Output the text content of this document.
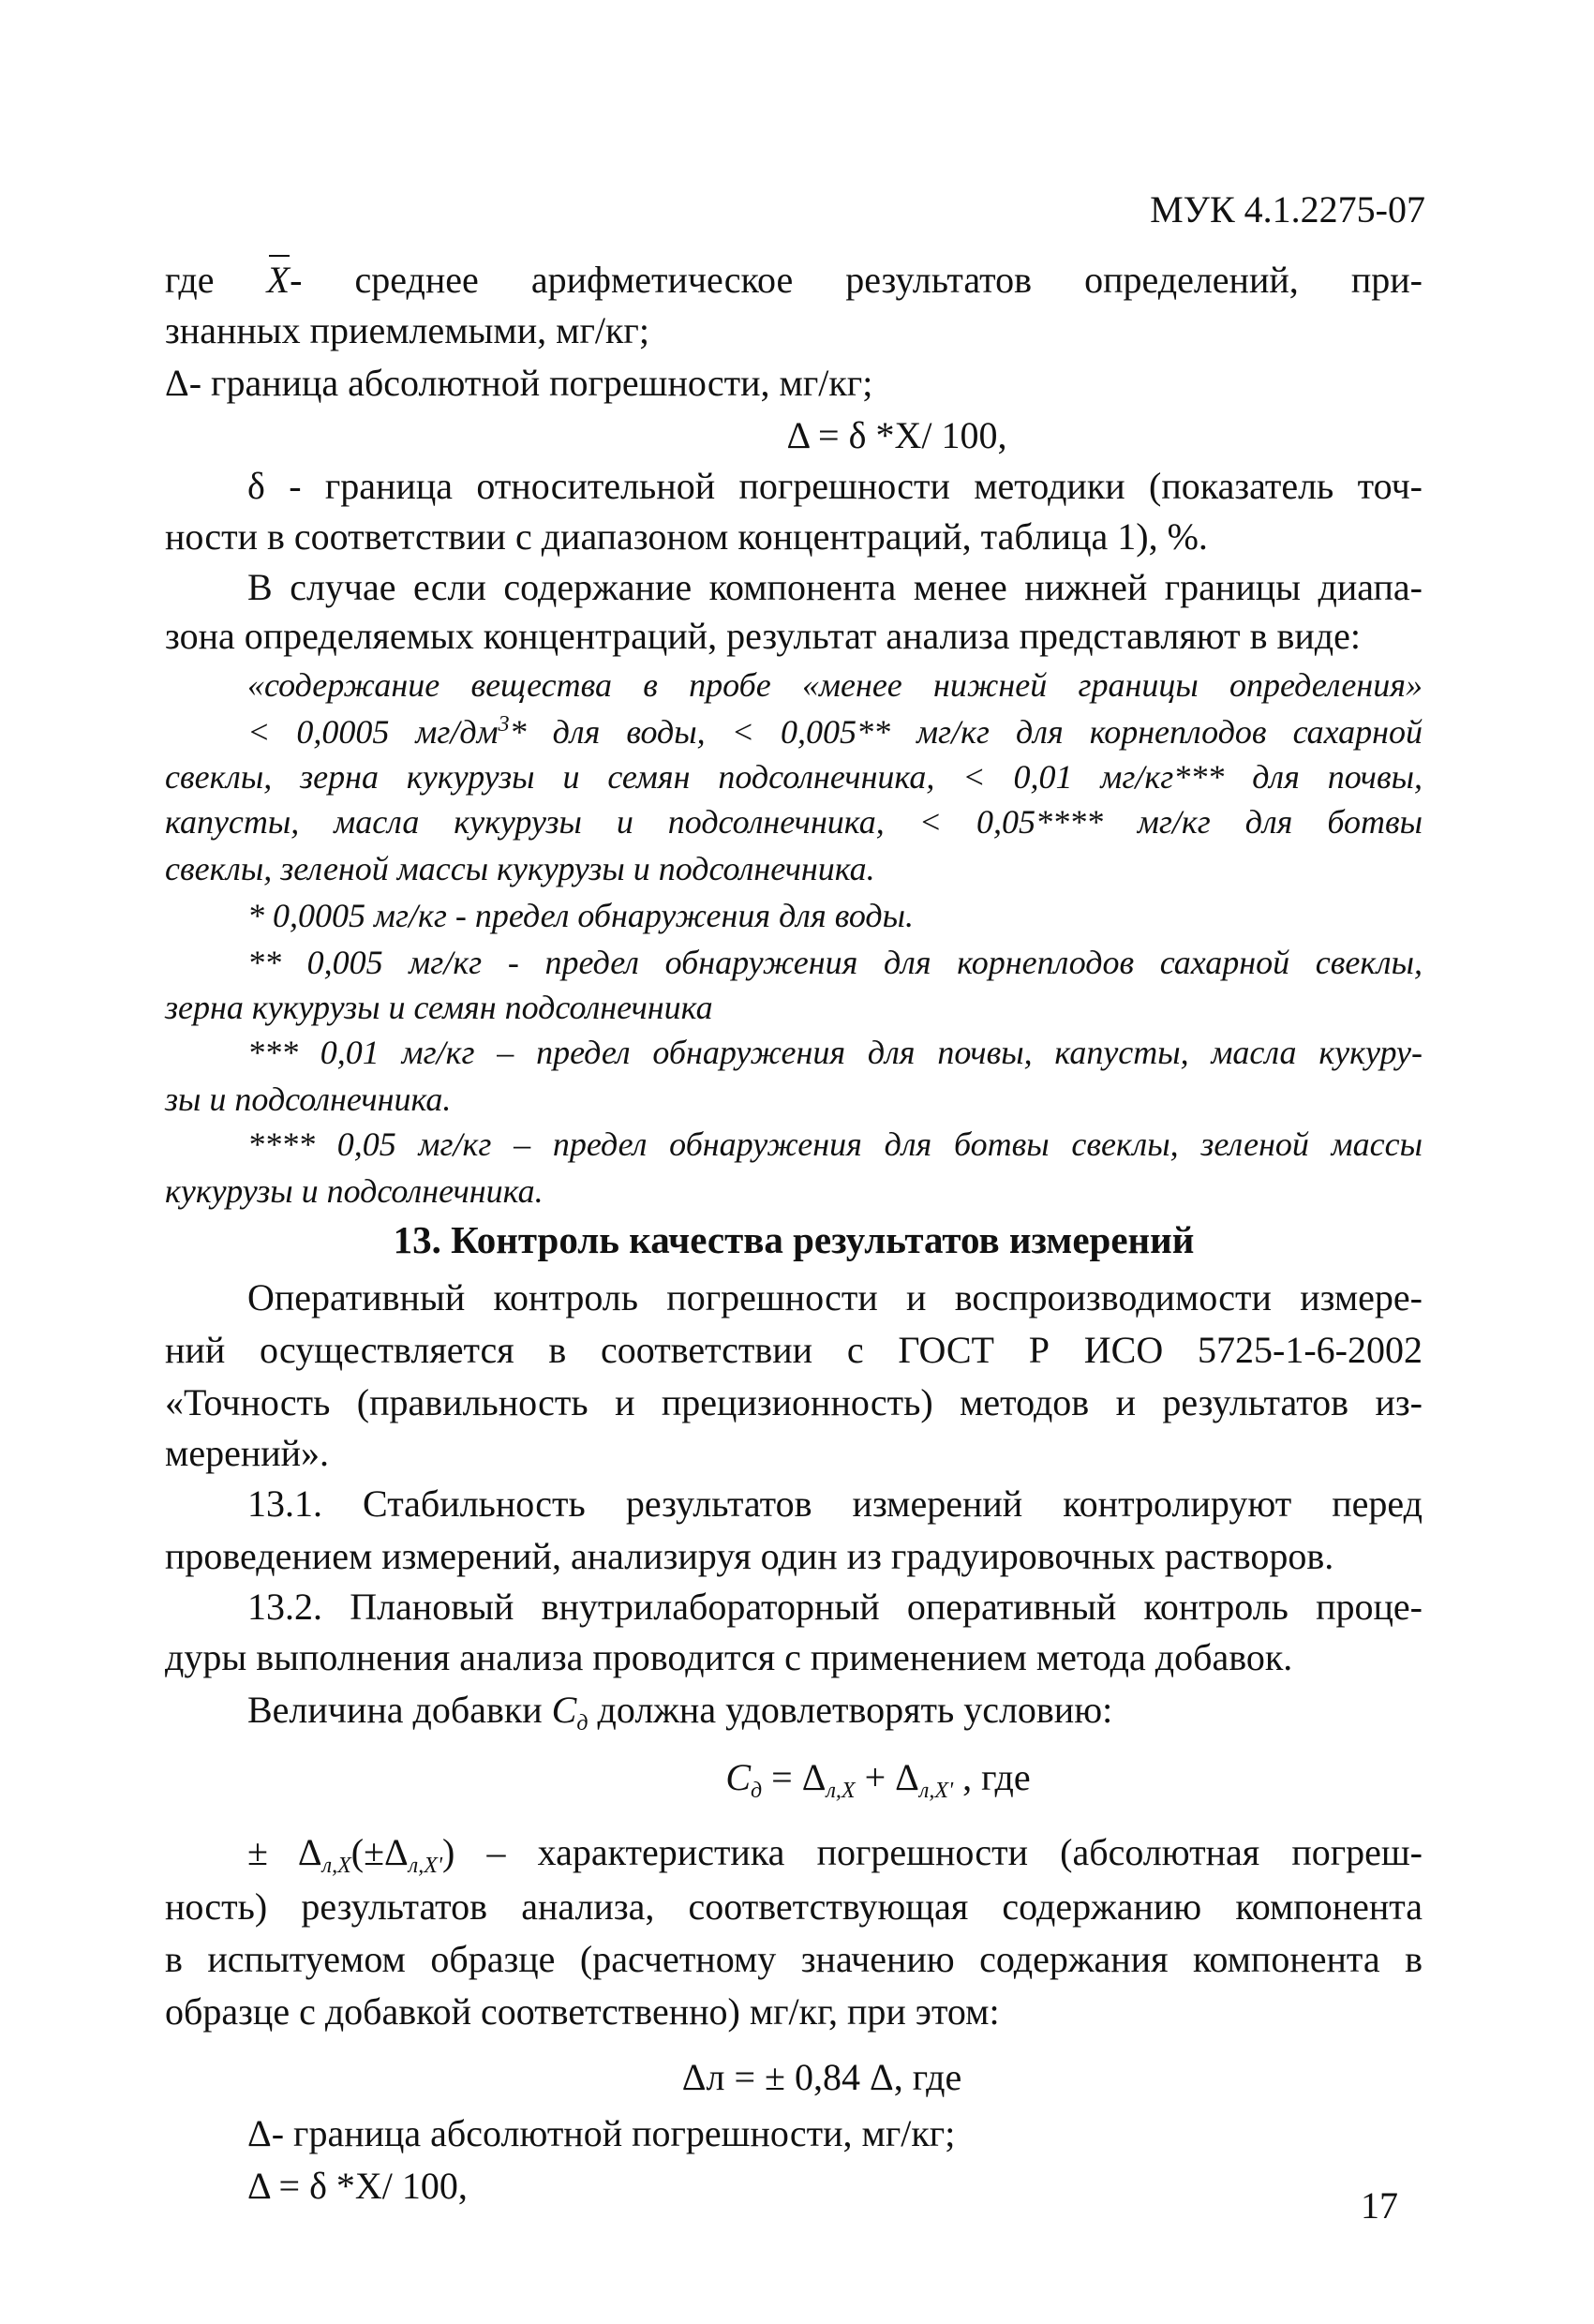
МУК 4.1.2275-07
где X- среднее арифметическое результатов определений, при-
знанных приемлемыми, мг/кг;
Δ- граница абсолютной погрешности, мг/кг;
Δ = δ *X/ 100,
δ - граница относительной погрешности методики (показатель точ-
ности в соответствии с диапазоном концентраций, таблица 1), %.
В случае если содержание компонента менее нижней границы диапа-
зона определяемых концентраций, результат анализа представляют в виде:
«содержание вещества в пробе «менее нижней границы определения»
< 0,0005 $мг/дм^3*$ для воды, < 0,005** мг/кг для корнеплодов сахарной
свеклы, зерна кукурузы и семян подсолнечника, < 0,01 мг/кг*** для почвы,
капусты, масла кукурузы и подсолнечника, < 0,05**** мг/кг для ботвы
свеклы, зеленой массы кукурузы и подсолнечника.
* 0,0005 мг/кг - предел обнаружения для воды.
** 0,005 мг/кг - предел обнаружения для корнеплодов сахарной свеклы,
зерна кукурузы и семян подсолнечника
*** 0,01 мг/кг – предел обнаружения для почвы, капусты, масла кукуру-
зы и подсолнечника.
**** 0,05 мг/кг – предел обнаружения для ботвы свеклы, зеленой массы
кукурузы и подсолнечника.
13. Контроль качества результатов измерений
Оперативный контроль погрешности и воспроизводимости измере-
ний осуществляется в соответствии с ГОСТ Р ИСО 5725-1-6-2002
«Точность (правильность и прецизионность) методов и результатов из-
мерений».
13.1. Стабильность результатов измерений контролируют перед
проведением измерений, анализируя один из градуировочных растворов.
13.2. Плановый внутрилабораторный оперативный контроль проце-
дуры выполнения анализа проводится с применением метода добавок.
Величина добавки $C_д$ должна удовлетворять условию:
$C_д = \Delta_{л,X} + \Delta_{л,X'}$ , где
± $\Delta_{л,X}(\pm\Delta_{л,X'})$ – характеристика погрешности (абсолютная погреш-
ность) результатов анализа, соответствующая содержанию компонента
в испытуемом образце (расчетному значению содержания компонента в
образце с добавкой соответственно) мг/кг, при этом:
Δл = ± 0,84 Δ, где
Δ- граница абсолютной погрешности, мг/кг;
Δ = δ *X/ 100,	17
